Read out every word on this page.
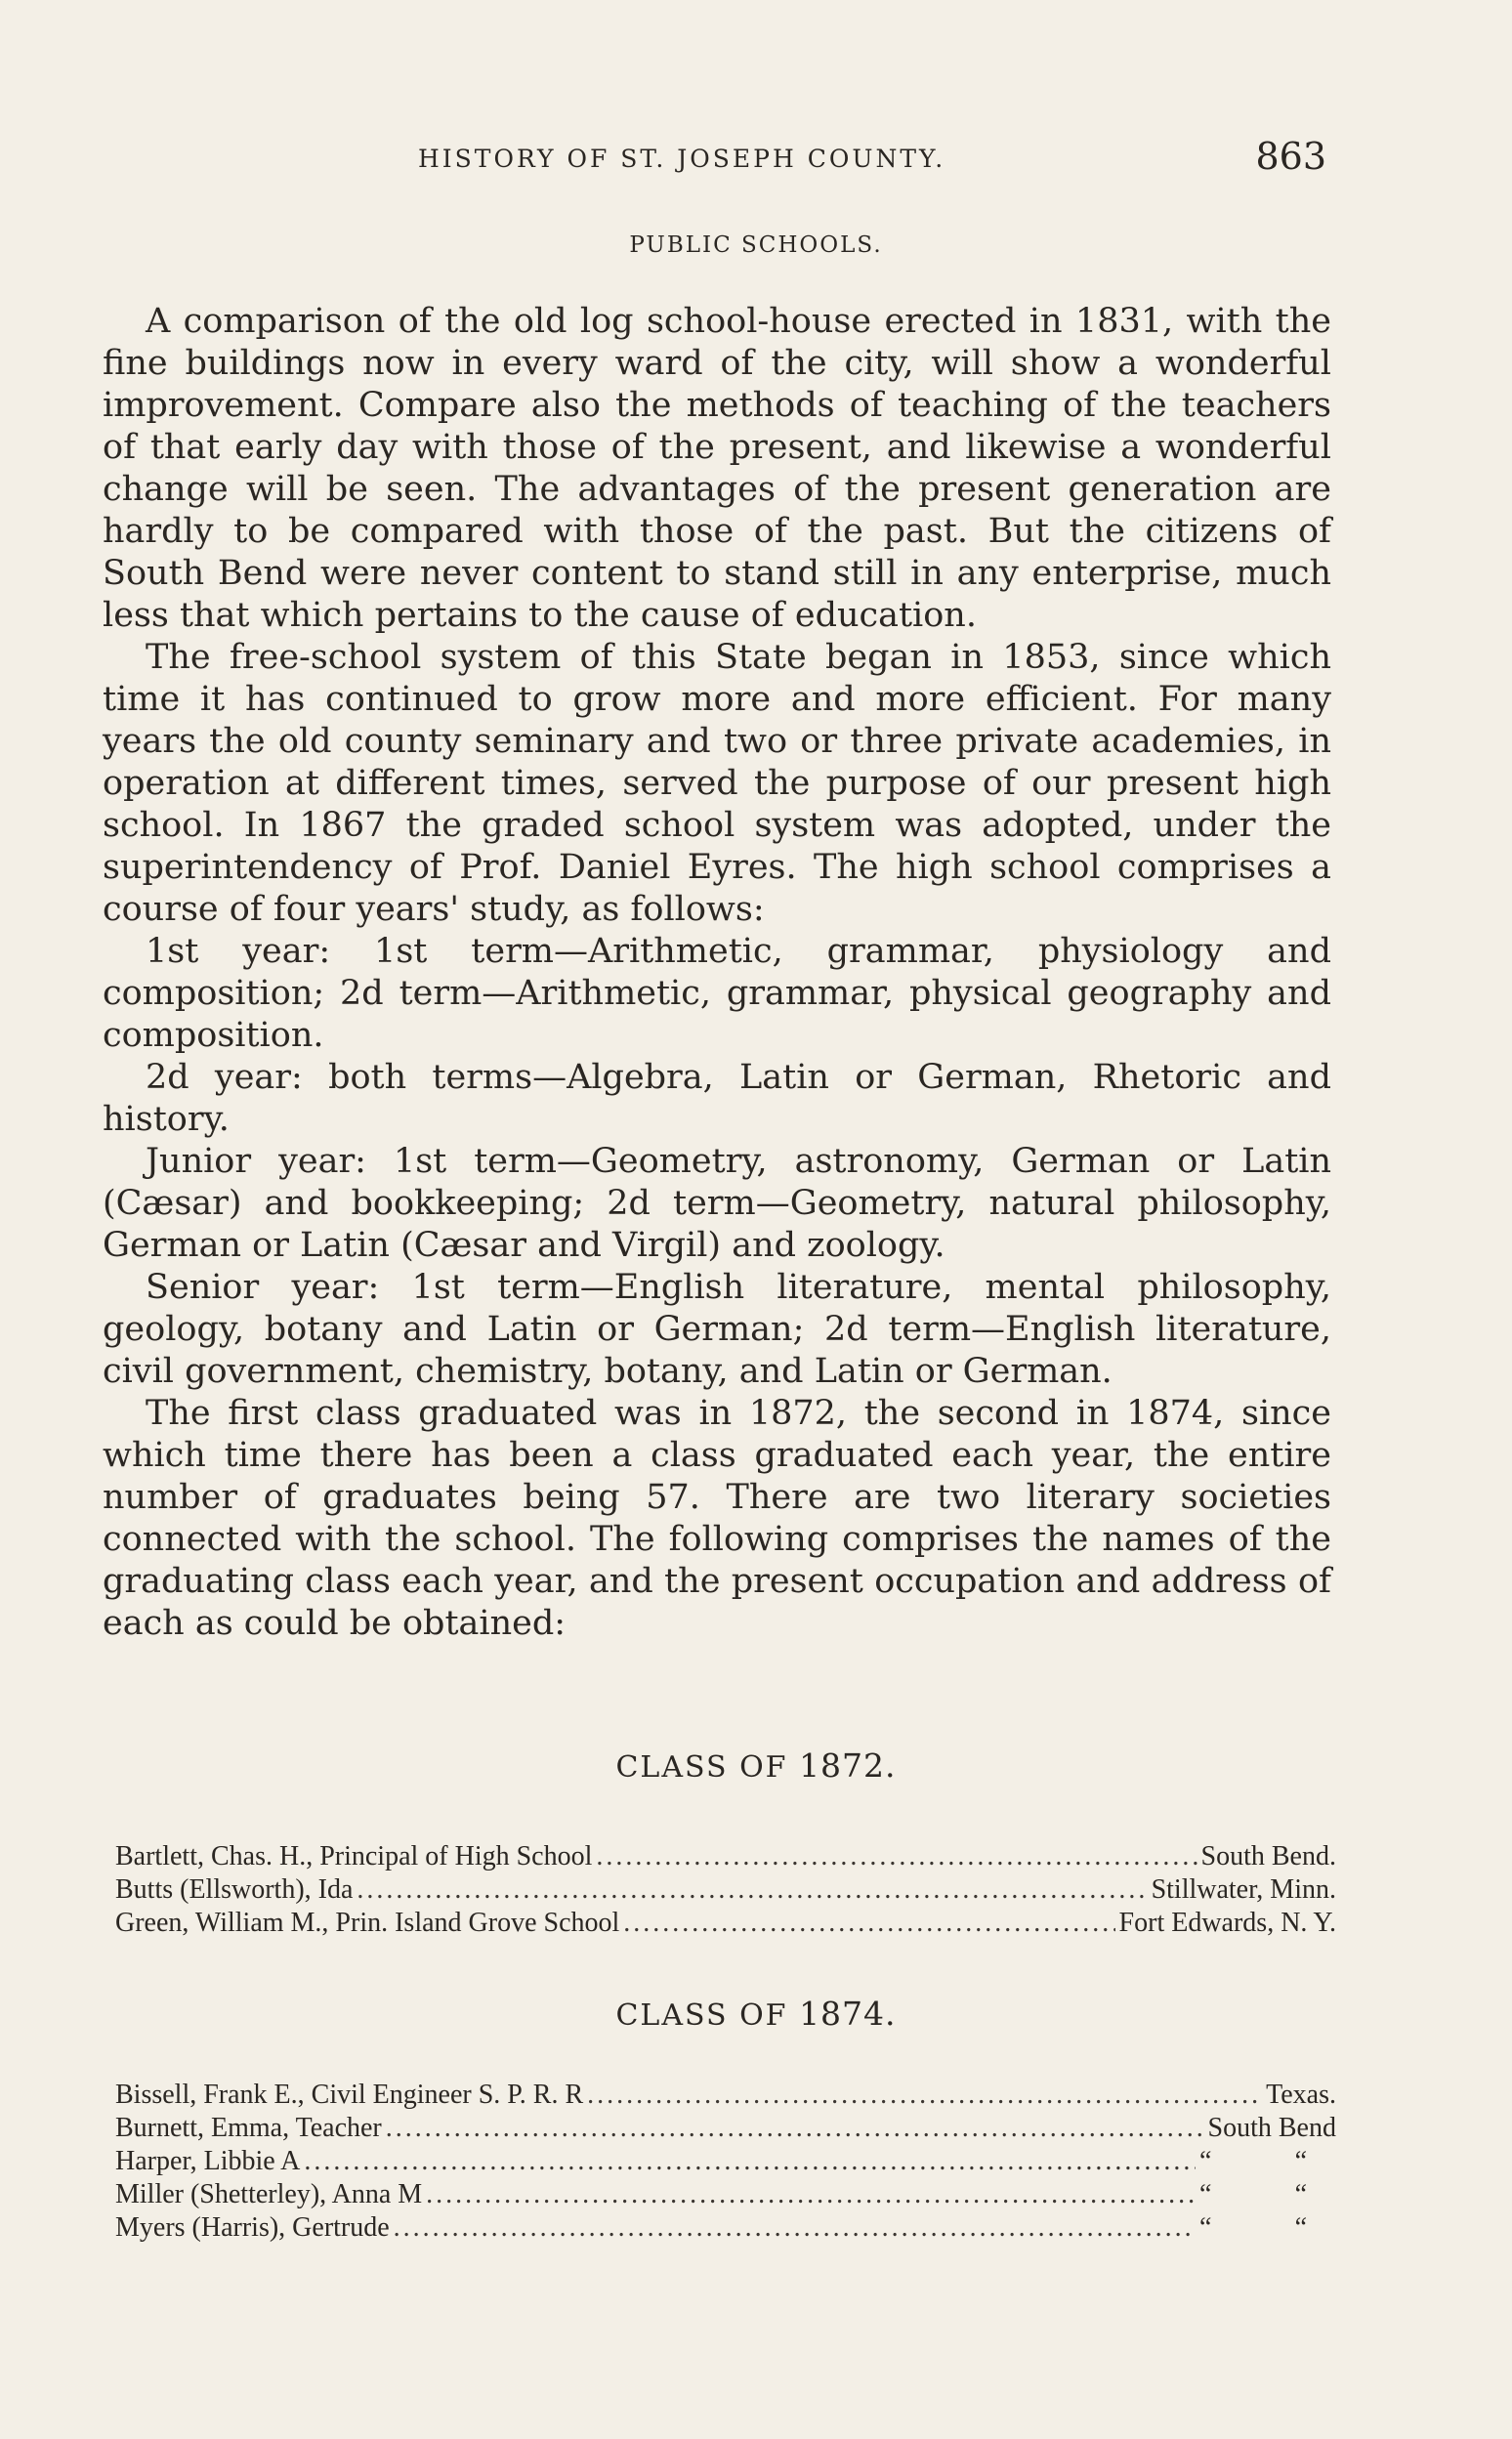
HISTORY OF ST. JOSEPH COUNTY.	863
PUBLIC SCHOOLS.

A comparison of the old log school-house erected in 1831, with the fine buildings now in every ward of the city, will show a wonderful improvement. Compare also the methods of teaching of the teachers of that early day with those of the present, and likewise a wonderful change will be seen. The advantages of the present generation are hardly to be compared with those of the past. But the citizens of South Bend were never content to stand still in any enterprise, much less that which pertains to the cause of education.

The free-school system of this State began in 1853, since which time it has continued to grow more and more efficient. For many years the old county seminary and two or three private academies, in operation at different times, served the purpose of our present high school. In 1867 the graded school system was adopted, under the superintendency of Prof. Daniel Eyres. The high school comprises a course of four years' study, as follows:

1st year: 1st term—Arithmetic, grammar, physiology and composition; 2d term—Arithmetic, grammar, physical geography and composition.

2d year: both terms—Algebra, Latin or German, Rhetoric and history.

Junior year: 1st term—Geometry, astronomy, German or Latin (Cæsar) and bookkeeping; 2d term—Geometry, natural philosophy, German or Latin (Cæsar and Virgil) and zoology.

Senior year: 1st term—English literature, mental philosophy, geology, botany and Latin or German; 2d term—English literature, civil government, chemistry, botany, and Latin or German.

The first class graduated was in 1872, the second in 1874, since which time there has been a class graduated each year, the entire number of graduates being 57. There are two literary societies connected with the school. The following comprises the names of the graduating class each year, and the present occupation and address of each as could be obtained:

CLASS OF 1872.
Bartlett, Chas. H., Principal of High School .....	South Bend.
Butts (Ellsworth), Ida .....	Stillwater, Minn.
Green, William M., Prin. Island Grove School .....	Fort Edwards, N. Y.
CLASS OF 1874.
Bissell, Frank E., Civil Engineer S. P. R. R .....	Texas.
Burnett, Emma, Teacher .....	South Bend
Harper, Libbie A .....	“	“
Miller (Shetterley), Anna M .....	“	“
Myers (Harris), Gertrude .....	“	“
